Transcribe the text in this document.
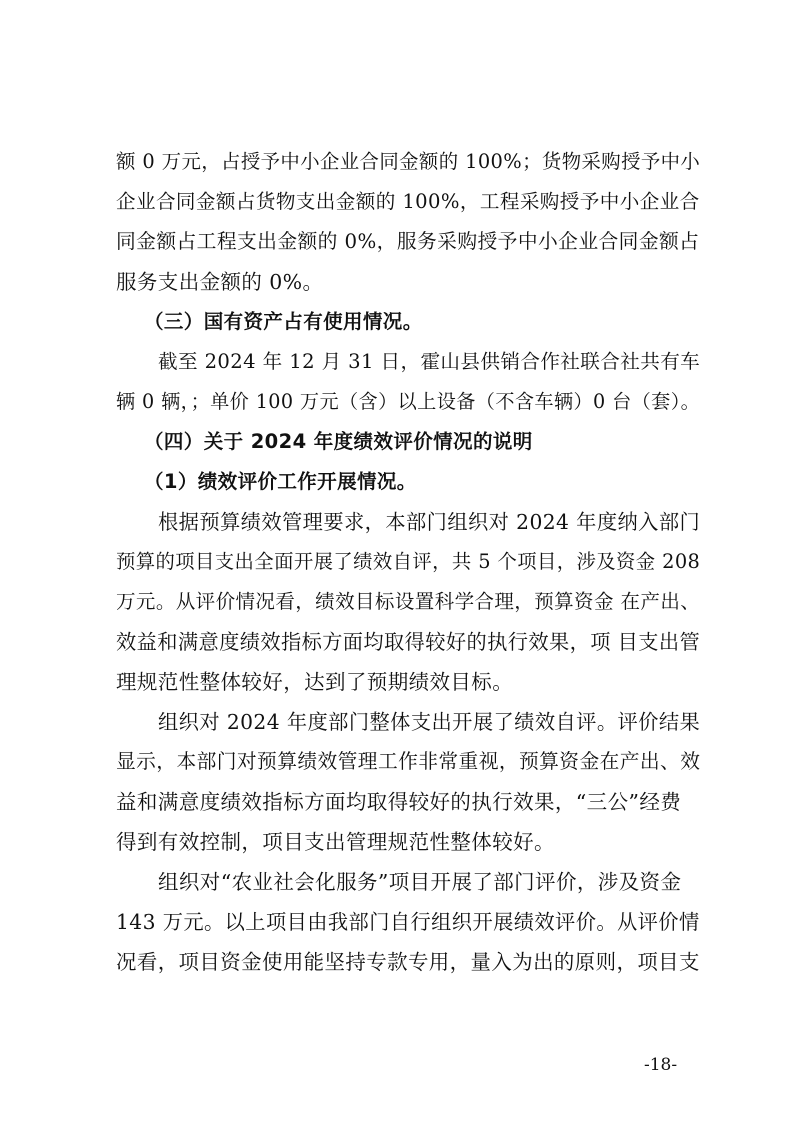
额 0 万元，占授予中小企业合同金额的 100%；货物采购授予中小
企业合同金额占货物支出金额的 100%，工程采购授予中小企业合
同金额占工程支出金额的 0%，服务采购授予中小企业合同金额占
服务支出金额的 0%。
（三）国有资产占有使用情况。
截至 2024 年 12 月 31 日，霍山县供销合作社联合社共有车
辆 0 辆，；单价 100 万元（含）以上设备（不含车辆）0 台（套）。
（四）关于 2024 年度绩效评价情况的说明
（1）绩效评价工作开展情况。
根据预算绩效管理要求，本部门组织对 2024 年度纳入部门
预算的项目支出全面开展了绩效自评，共 5 个项目，涉及资金 208
万元。从评价情况看，绩效目标设置科学合理，预算资金 在产出、
效益和满意度绩效指标方面均取得较好的执行效果，项 目支出管
理规范性整体较好，达到了预期绩效目标。
组织对 2024 年度部门整体支出开展了绩效自评。评价结果
显示，本部门对预算绩效管理工作非常重视，预算资金在产出、效
益和满意度绩效指标方面均取得较好的执行效果，“三公”经费
得到有效控制，项目支出管理规范性整体较好。
组织对“农业社会化服务”项目开展了部门评价，涉及资金
143 万元。以上项目由我部门自行组织开展绩效评价。从评价情
况看，项目资金使用能坚持专款专用，量入为出的原则，项目支
-18-
